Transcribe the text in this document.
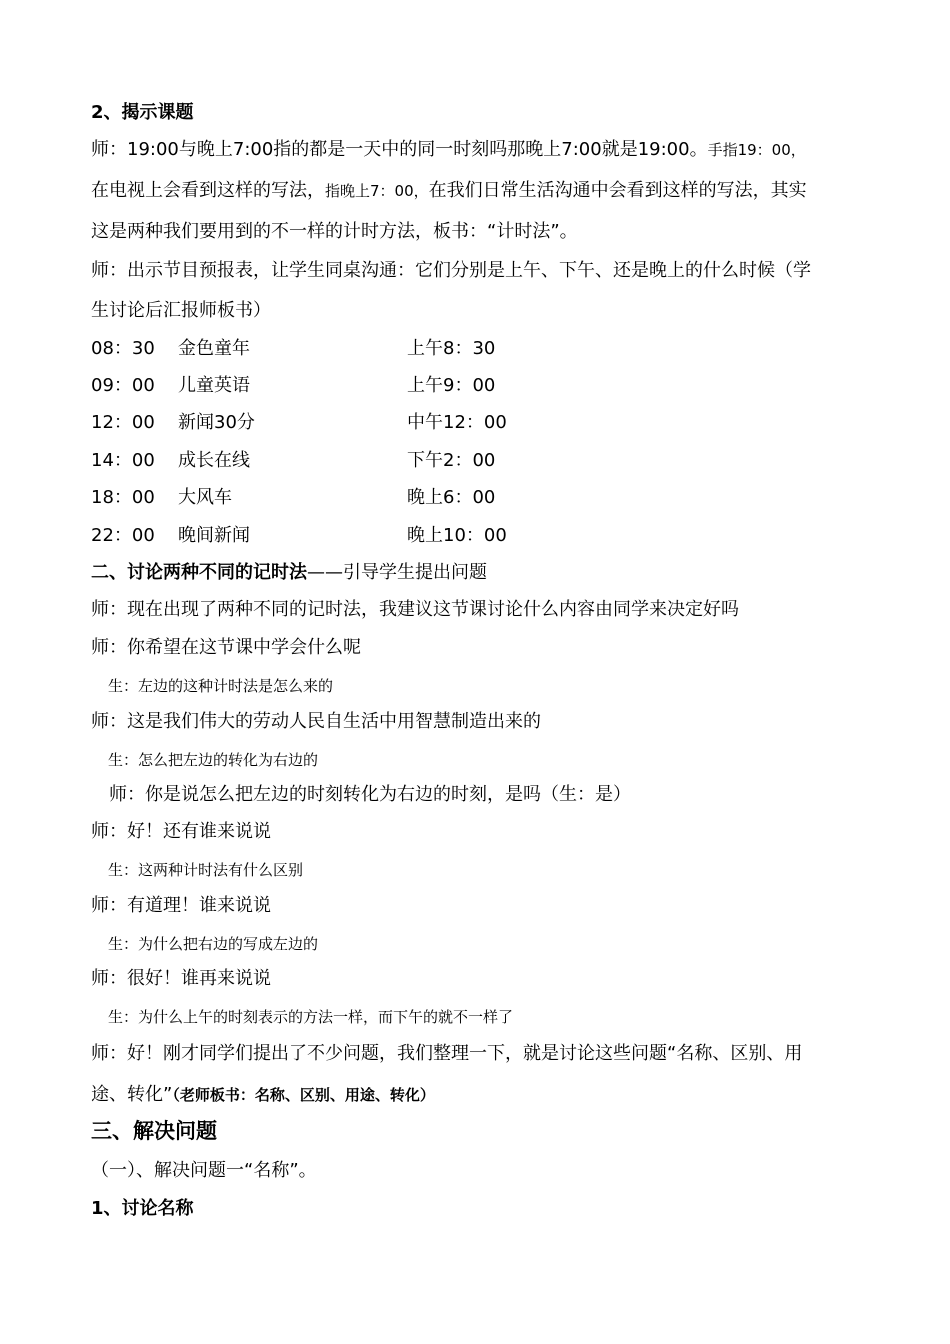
2、揭示课题
师：19:00与晚上7:00指的都是一天中的同一时刻吗那晚上7:00就是19:00。手指19：00，
在电视上会看到这样的写法，指晚上7：00，在我们日常生活沟通中会看到这样的写法，其实
这是两种我们要用到的不一样的计时方法，板书：“计时法”。
师：出示节目预报表，让学生同桌沟通：它们分别是上午、下午、还是晚上的什么时候（学
生讨论后汇报师板书）
08：30 金色童年	上午8：30
09：00 儿童英语	上午9：00
12：00 新闻30分	中午12：00
14：00 成长在线	下午2：00
18：00 大风车	晚上6：00
22：00 晚间新闻	晚上10：00
二、讨论两种不同的记时法——引导学生提出问题
师：现在出现了两种不同的记时法，我建议这节课讨论什么内容由同学来决定好吗
师：你希望在这节课中学会什么呢
生：左边的这种计时法是怎么来的
师：这是我们伟大的劳动人民自生活中用智慧制造出来的
生：怎么把左边的转化为右边的
师：你是说怎么把左边的时刻转化为右边的时刻，是吗（生：是）
师：好！还有谁来说说
生：这两种计时法有什么区别
师：有道理！谁来说说
生：为什么把右边的写成左边的
师：很好！谁再来说说
生：为什么上午的时刻表示的方法一样，而下午的就不一样了
师：好！刚才同学们提出了不少问题，我们整理一下，就是讨论这些问题“名称、区别、用
途、转化”（老师板书：名称、区别、用途、转化）
三、解决问题
（一）、解决问题一“名称”。
1、讨论名称
